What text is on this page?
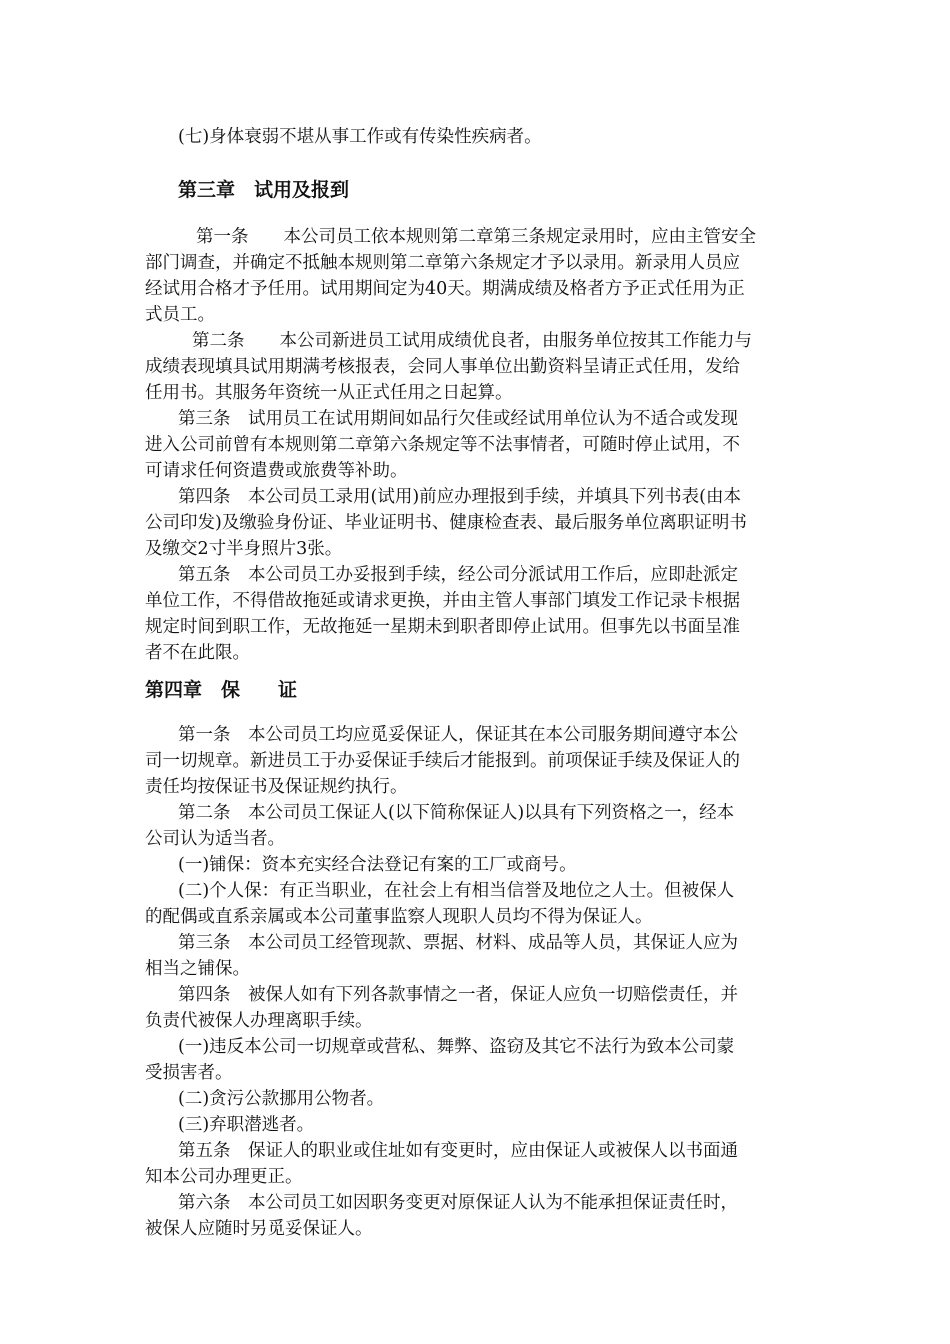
(七)身体衰弱不堪从事工作或有传染性疾病者。
第三章　试用及报到
第一条　　本公司员工依本规则第二章第三条规定录用时，应由主管安全
部门调查，并确定不抵触本规则第二章第六条规定才予以录用。新录用人员应
经试用合格才予任用。试用期间定为40天。期满成绩及格者方予正式任用为正
式员工。
第二条　　本公司新进员工试用成绩优良者，由服务单位按其工作能力与
成绩表现填具试用期满考核报表，会同人事单位出勤资料呈请正式任用，发给
任用书。其服务年资统一从正式任用之日起算。
第三条　试用员工在试用期间如品行欠佳或经试用单位认为不适合或发现
进入公司前曾有本规则第二章第六条规定等不法事情者，可随时停止试用，不
可请求任何资遣费或旅费等补助。
第四条　本公司员工录用(试用)前应办理报到手续，并填具下列书表(由本
公司印发)及缴验身份证、毕业证明书、健康检查表、最后服务单位离职证明书
及缴交2寸半身照片3张。
第五条　本公司员工办妥报到手续，经公司分派试用工作后，应即赴派定
单位工作，不得借故拖延或请求更换，并由主管人事部门填发工作记录卡根据
规定时间到职工作，无故拖延一星期未到职者即停止试用。但事先以书面呈准
者不在此限。
第四章　保　　证
第一条　本公司员工均应觅妥保证人，保证其在本公司服务期间遵守本公
司一切规章。新进员工于办妥保证手续后才能报到。前项保证手续及保证人的
责任均按保证书及保证规约执行。
第二条　本公司员工保证人(以下简称保证人)以具有下列资格之一，经本
公司认为适当者。
(一)铺保：资本充实经合法登记有案的工厂或商号。
(二)个人保：有正当职业，在社会上有相当信誉及地位之人士。但被保人
的配偶或直系亲属或本公司董事监察人现职人员均不得为保证人。
第三条　本公司员工经管现款、票据、材料、成品等人员，其保证人应为
相当之铺保。
第四条　被保人如有下列各款事情之一者，保证人应负一切赔偿责任，并
负责代被保人办理离职手续。
(一)违反本公司一切规章或营私、舞弊、盗窃及其它不法行为致本公司蒙
受损害者。
(二)贪污公款挪用公物者。
(三)弃职潜逃者。
第五条　保证人的职业或住址如有变更时，应由保证人或被保人以书面通
知本公司办理更正。
第六条　本公司员工如因职务变更对原保证人认为不能承担保证责任时，
被保人应随时另觅妥保证人。
